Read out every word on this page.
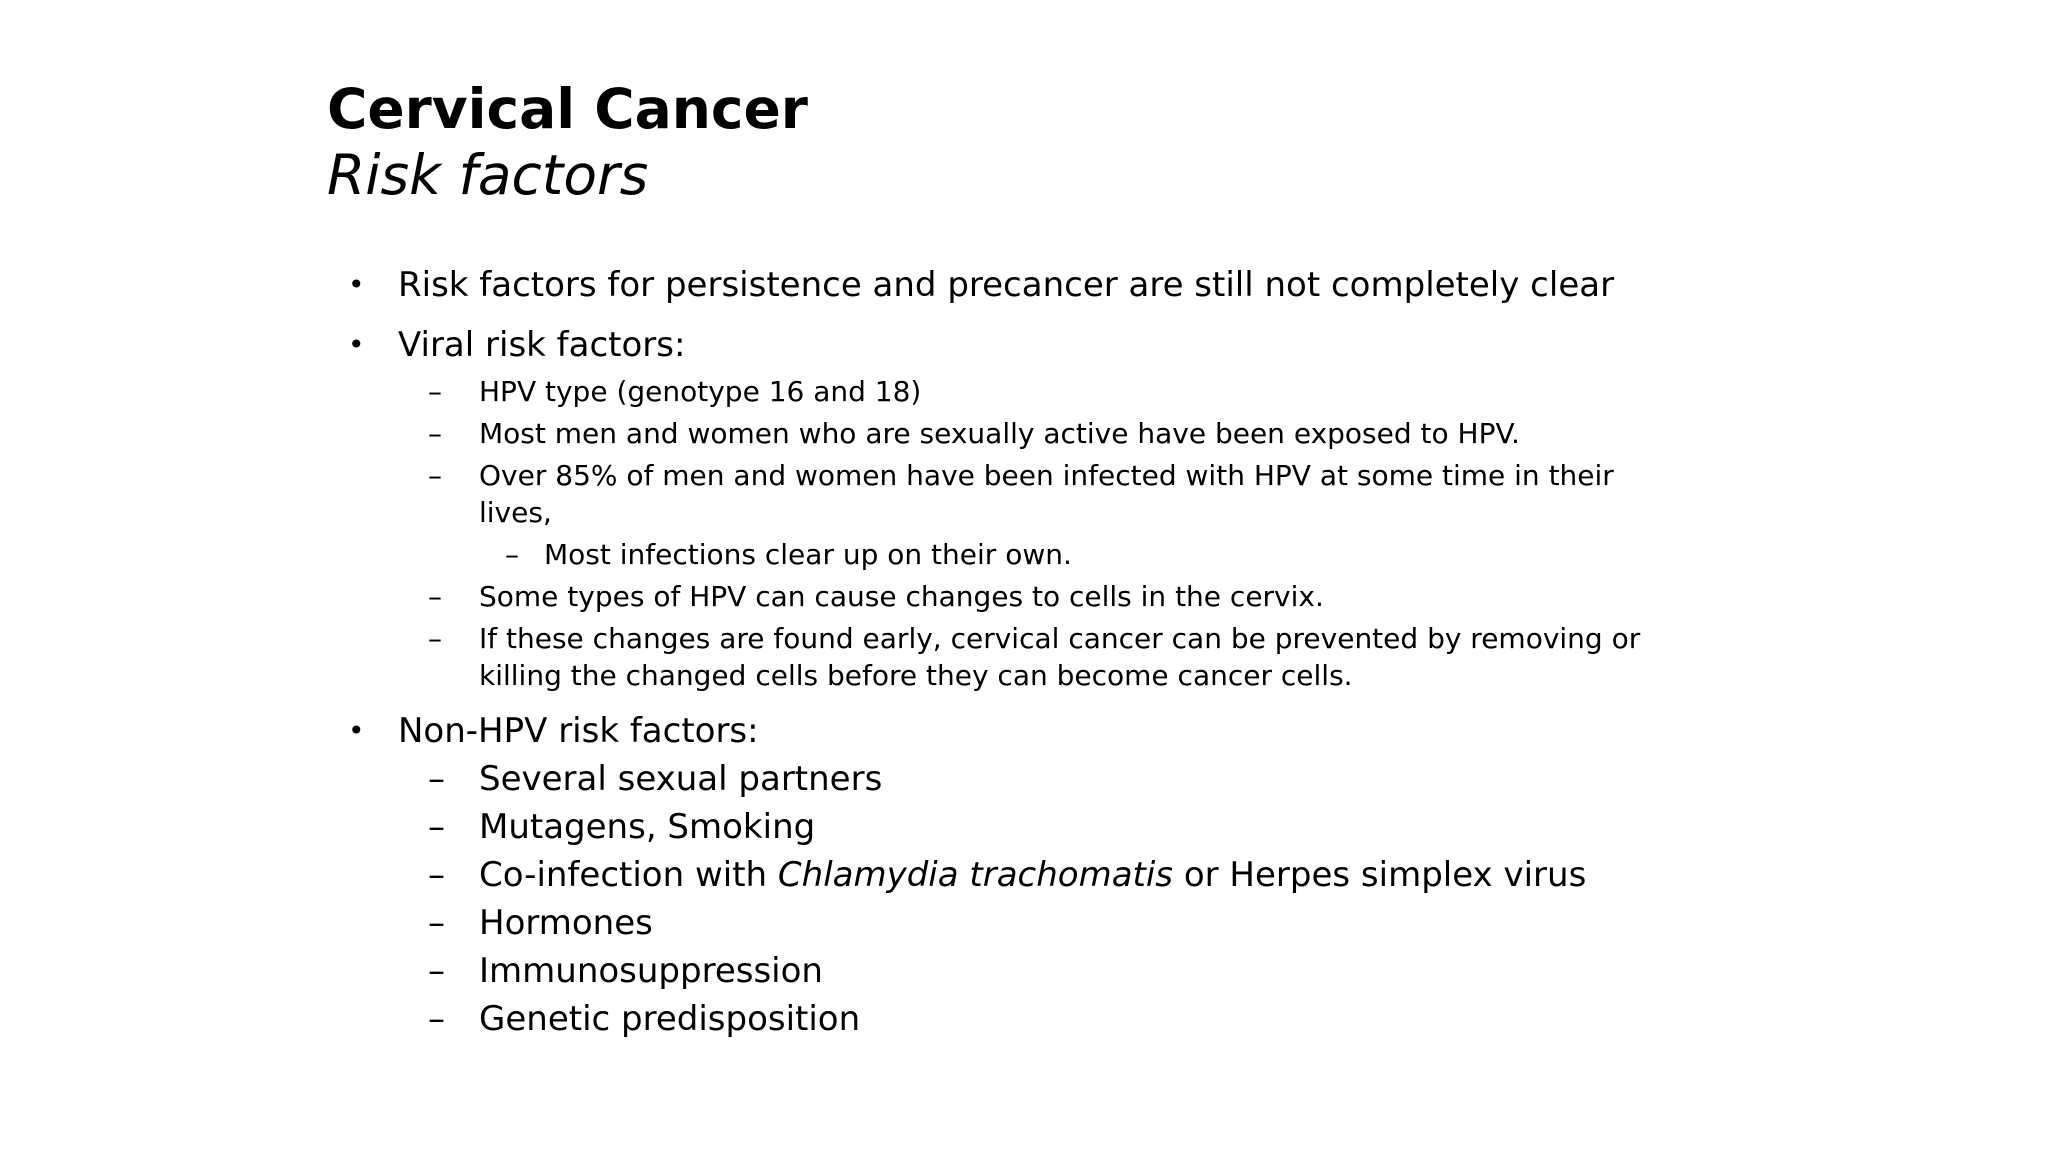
Cervical Cancer
Risk factors
• Risk factors for persistence and precancer are still not completely clear
• Viral risk factors:
– HPV type (genotype 16 and 18)
– Most men and women who are sexually active have been exposed to HPV.
– Over 85% of men and women have been infected with HPV at some time in their lives,
– Most infections clear up on their own.
– Some types of HPV can cause changes to cells in the cervix.
– If these changes are found early, cervical cancer can be prevented by removing or killing the changed cells before they can become cancer cells.
• Non-HPV risk factors:
– Several sexual partners
– Mutagens, Smoking
– Co-infection with Chlamydia trachomatis or Herpes simplex virus
– Hormones
– Immunosuppression
– Genetic predisposition
